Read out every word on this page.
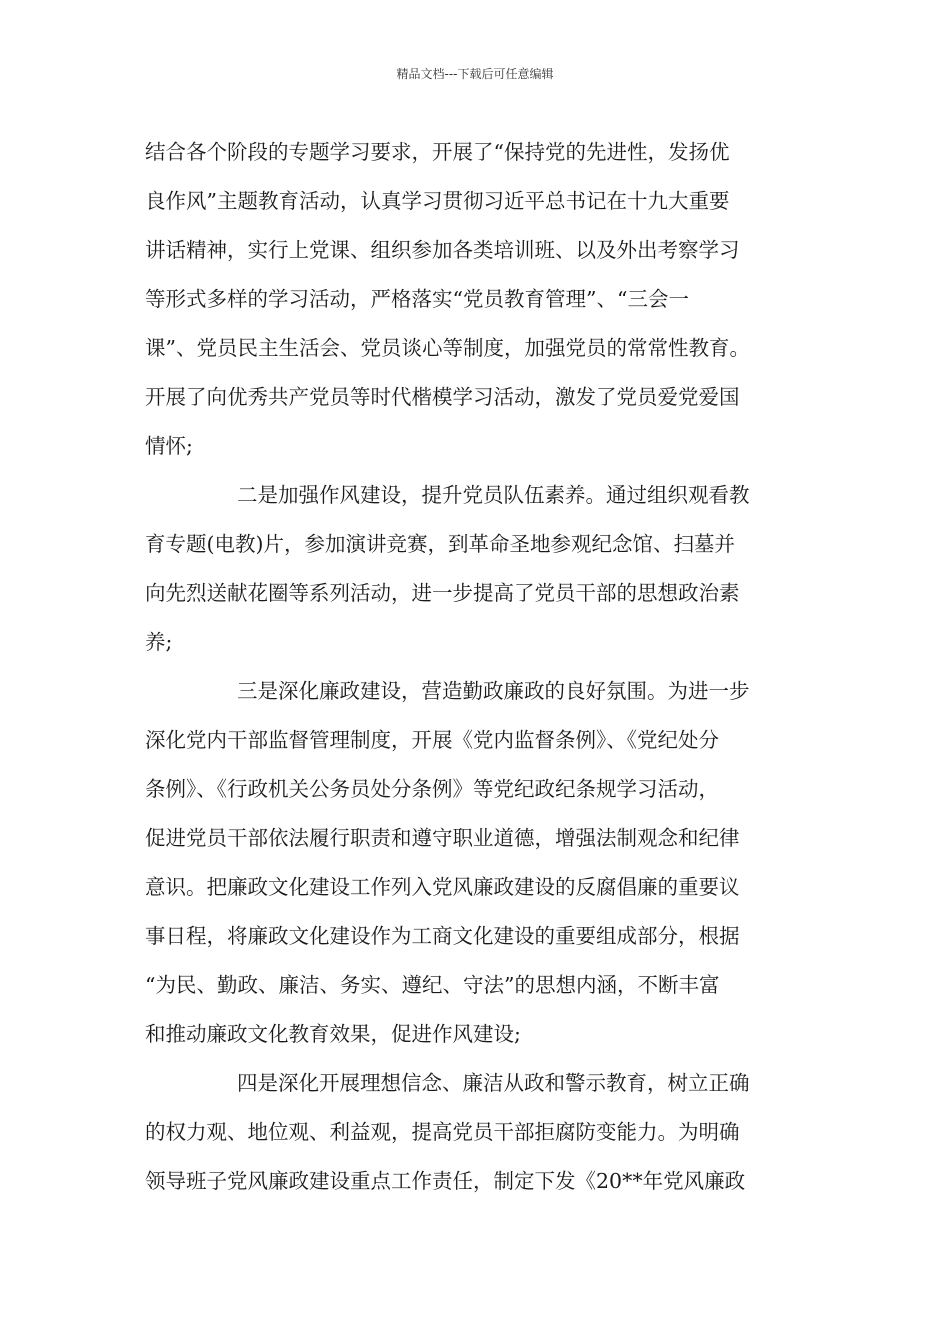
精品文档---下载后可任意编辑
结合各个阶段的专题学习要求，开展了“保持党的先进性，发扬优
良作风”主题教育活动，认真学习贯彻习近平总书记在十九大重要
讲话精神，实行上党课、组织参加各类培训班、以及外出考察学习
等形式多样的学习活动，严格落实“党员教育管理”、“三会一
课”、党员民主生活会、党员谈心等制度，加强党员的常常性教育。
开展了向优秀共产党员等时代楷模学习活动，激发了党员爱党爱国
情怀;
二是加强作风建设，提升党员队伍素养。通过组织观看教
育专题(电教)片，参加演讲竞赛，到革命圣地参观纪念馆、扫墓并
向先烈送献花圈等系列活动，进一步提高了党员干部的思想政治素
养;
三是深化廉政建设，营造勤政廉政的良好氛围。为进一步
深化党内干部监督管理制度，开展《党内监督条例》、《党纪处分
条例》、《行政机关公务员处分条例》等党纪政纪条规学习活动，
促进党员干部依法履行职责和遵守职业道德，增强法制观念和纪律
意识。把廉政文化建设工作列入党风廉政建设的反腐倡廉的重要议
事日程，将廉政文化建设作为工商文化建设的重要组成部分，根据
“为民、勤政、廉洁、务实、遵纪、守法”的思想内涵，不断丰富
和推动廉政文化教育效果，促进作风建设;
四是深化开展理想信念、廉洁从政和警示教育，树立正确
的权力观、地位观、利益观，提高党员干部拒腐防变能力。为明确
领导班子党风廉政建设重点工作责任，制定下发《20**年党风廉政
